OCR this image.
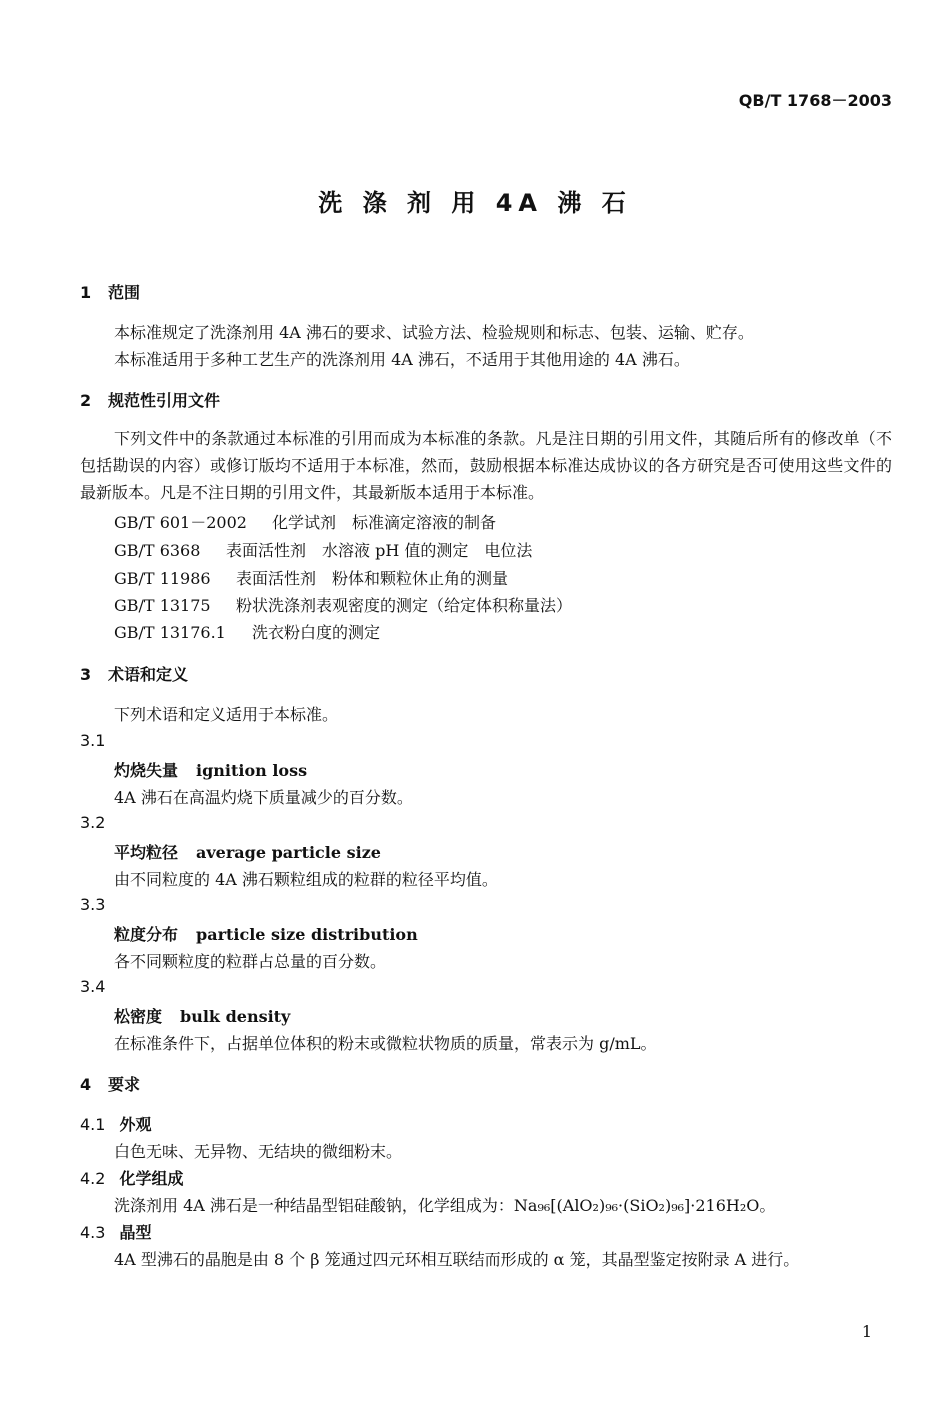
QB/T 1768－2003
洗 涤 剂 用 4A 沸 石
1 范围
本标准规定了洗涤剂用 4A 沸石的要求、试验方法、检验规则和标志、包装、运输、贮存。
本标准适用于多种工艺生产的洗涤剂用 4A 沸石，不适用于其他用途的 4A 沸石。
2 规范性引用文件
下列文件中的条款通过本标准的引用而成为本标准的条款。凡是注日期的引用文件，其随后所有的修改单（不包括勘误的内容）或修订版均不适用于本标准，然而，鼓励根据本标准达成协议的各方研究是否可使用这些文件的最新版本。凡是不注日期的引用文件，其最新版本适用于本标准。
GB/T 601－2002 化学试剂　标准滴定溶液的制备
GB/T 6368 表面活性剂　水溶液 pH 值的测定　电位法
GB/T 11986 表面活性剂　粉体和颗粒休止角的测量
GB/T 13175 粉状洗涤剂表观密度的测定（给定体积称量法）
GB/T 13176.1 洗衣粉白度的测定
3 术语和定义
下列术语和定义适用于本标准。
3.1
灼烧失量 ignition loss
4A 沸石在高温灼烧下质量减少的百分数。
3.2
平均粒径 average particle size
由不同粒度的 4A 沸石颗粒组成的粒群的粒径平均值。
3.3
粒度分布 particle size distribution
各不同颗粒度的粒群占总量的百分数。
3.4
松密度 bulk density
在标准条件下，占据单位体积的粉末或微粒状物质的质量，常表示为 g/mL。
4 要求
4.1 外观
白色无味、无异物、无结块的微细粉末。
4.2 化学组成
洗涤剂用 4A 沸石是一种结晶型铝硅酸钠，化学组成为：Na₉₆[(AlO₂)₉₆·(SiO₂)₉₆]·216H₂O。
4.3 晶型
4A 型沸石的晶胞是由 8 个 β 笼通过四元环相互联结而形成的 α 笼，其晶型鉴定按附录 A 进行。
1
